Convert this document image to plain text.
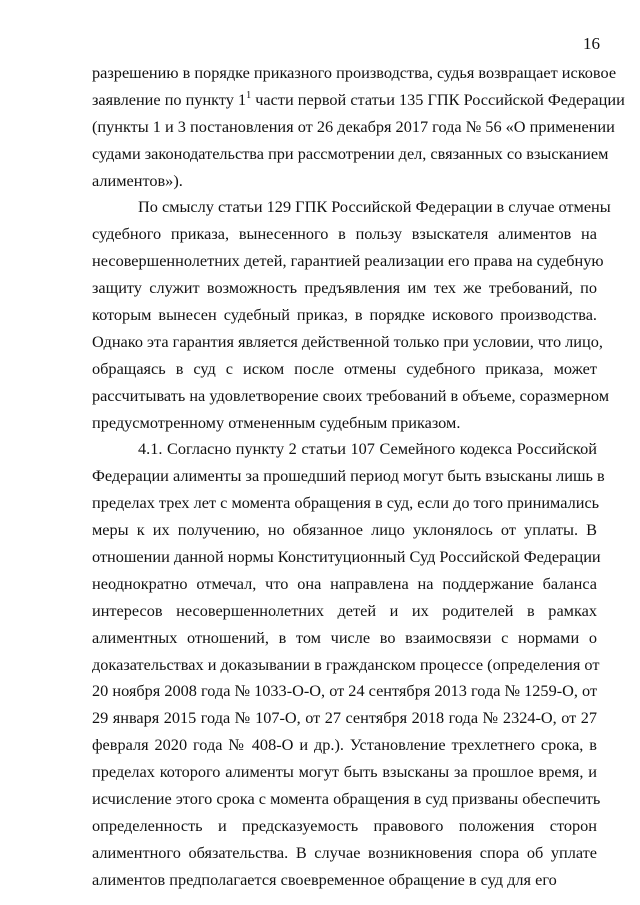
16
разрешению в порядке приказного производства, судья возвращает исковое
заявление по пункту $1^1$ части первой статьи 135 ГПК Российской Федерации
(пункты 1 и 3 постановления от 26 декабря 2017 года № 56 «О применении
судами законодательства при рассмотрении дел, связанных со взысканием
алиментов»).
По смыслу статьи 129 ГПК Российской Федерации в случае отмены
судебного приказа, вынесенного в пользу взыскателя алиментов на
несовершеннолетних детей, гарантией реализации его права на судебную
защиту служит возможность предъявления им тех же требований, по
которым вынесен судебный приказ, в порядке искового производства.
Однако эта гарантия является действенной только при условии, что лицо,
обращаясь в суд с иском после отмены судебного приказа, может
рассчитывать на удовлетворение своих требований в объеме, соразмерном
предусмотренному отмененным судебным приказом.
4.1. Согласно пункту 2 статьи 107 Семейного кодекса Российской
Федерации алименты за прошедший период могут быть взысканы лишь в
пределах трех лет с момента обращения в суд, если до того принимались
меры к их получению, но обязанное лицо уклонялось от уплаты. В
отношении данной нормы Конституционный Суд Российской Федерации
неоднократно отмечал, что она направлена на поддержание баланса
интересов несовершеннолетних детей и их родителей в рамках
алиментных отношений, в том числе во взаимосвязи с нормами о
доказательствах и доказывании в гражданском процессе (определения от
20 ноября 2008 года № 1033-О-О, от 24 сентября 2013 года № 1259-О, от
29 января 2015 года № 107-О, от 27 сентября 2018 года № 2324-О, от 27
февраля 2020 года № 408-О и др.). Установление трехлетнего срока, в
пределах которого алименты могут быть взысканы за прошлое время, и
исчисление этого срока с момента обращения в суд призваны обеспечить
определенность и предсказуемость правового положения сторон
алиментного обязательства. В случае возникновения спора об уплате
алиментов предполагается своевременное обращение в суд для его
